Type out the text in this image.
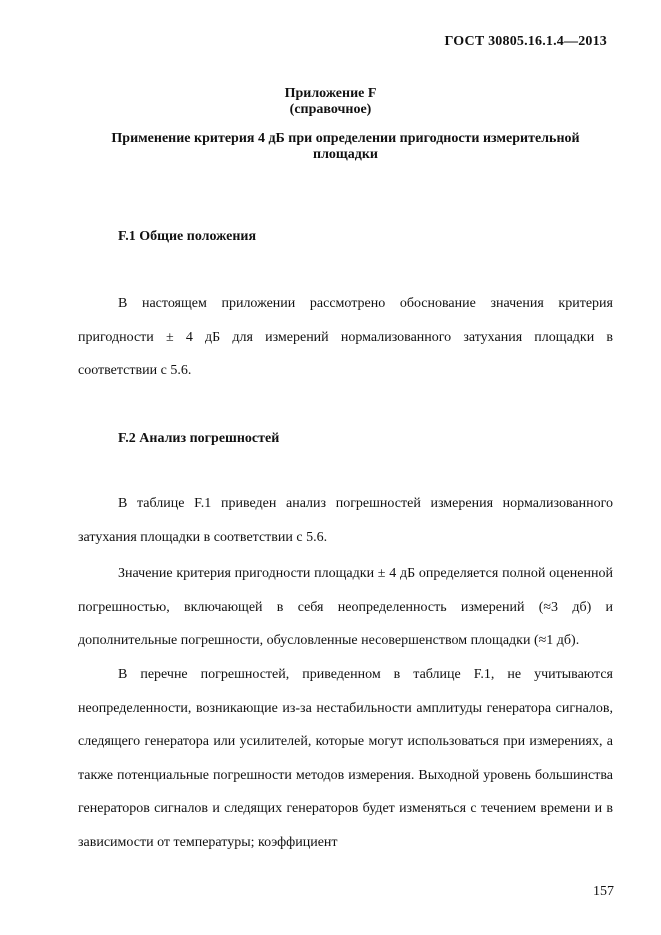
ГОСТ 30805.16.1.4—2013
Приложение F
(справочное)
Применение критерия 4 дБ при определении пригодности измерительной площадки
F.1 Общие положения

В настоящем приложении рассмотрено обоснование значения критерия пригодности ± 4 дБ для измерений нормализованного затухания площадки в соответствии с 5.6.

F.2 Анализ погрешностей

В таблице F.1 приведен анализ погрешностей измерения нормализованного затухания площадки в соответствии с 5.6.

Значение критерия пригодности площадки ± 4 дБ определяется полной оцененной погрешностью, включающей в себя неопределенность измерений (≈3 дб) и дополнительные погрешности, обусловленные несовершенством площадки (≈1 дб).

В перечне погрешностей, приведенном в таблице F.1, не учитываются неопределенности, возникающие из-за нестабильности амплитуды генератора сигналов, следящего генератора или усилителей, которые могут использоваться при измерениях, а также потенциальные погрешности методов измерения. Выходной уровень большинства генераторов сигналов и следящих генераторов будет изменяться с течением времени и в зависимости от температуры; коэффициент

157
